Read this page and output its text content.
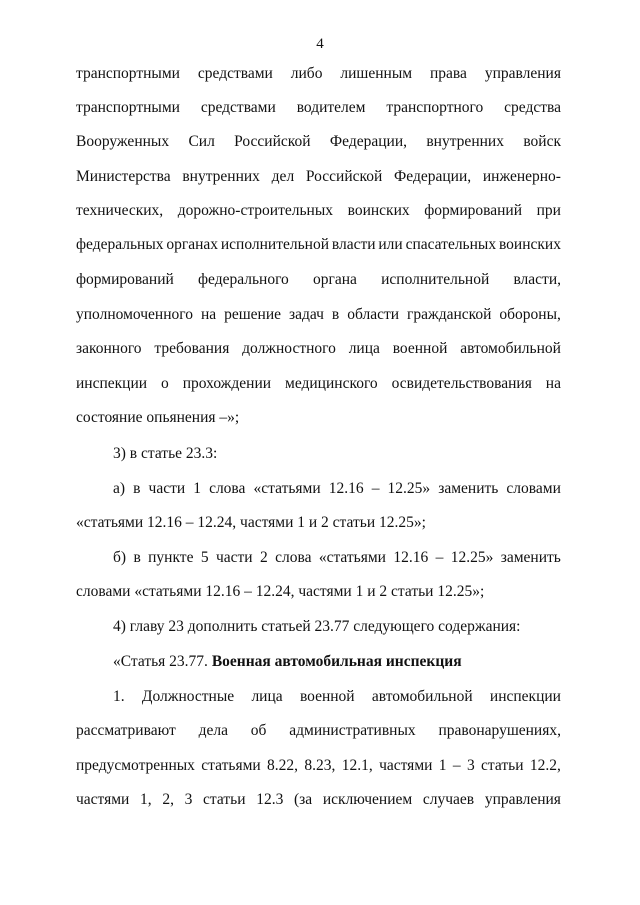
4
транспортными средствами либо лишенным права управления
транспортными средствами водителем транспортного средства
Вооруженных Сил Российской Федерации, внутренних войск
Министерства внутренних дел Российской Федерации, инженерно-
технических, дорожно-строительных воинских формирований при
федеральных органах исполнительной власти или спасательных воинских
формирований федерального органа исполнительной власти,
уполномоченного на решение задач в области гражданской обороны,
законного требования должностного лица военной автомобильной
инспекции о прохождении медицинского освидетельствования на
состояние опьянения –»;
3) в статье 23.3:
а) в части 1 слова «статьями 12.16 – 12.25» заменить словами
«статьями 12.16 – 12.24, частями 1 и 2 статьи 12.25»;
б) в пункте 5 части 2 слова «статьями 12.16 – 12.25» заменить
словами «статьями 12.16 – 12.24, частями 1 и 2 статьи 12.25»;
4) главу 23 дополнить статьей 23.77 следующего содержания:
«Статья 23.77. Военная автомобильная инспекция
1. Должностные лица военной автомобильной инспекции
рассматривают дела об административных правонарушениях,
предусмотренных статьями 8.22, 8.23, 12.1, частями 1 – 3 статьи 12.2,
частями 1, 2, 3 статьи 12.3 (за исключением случаев управления
